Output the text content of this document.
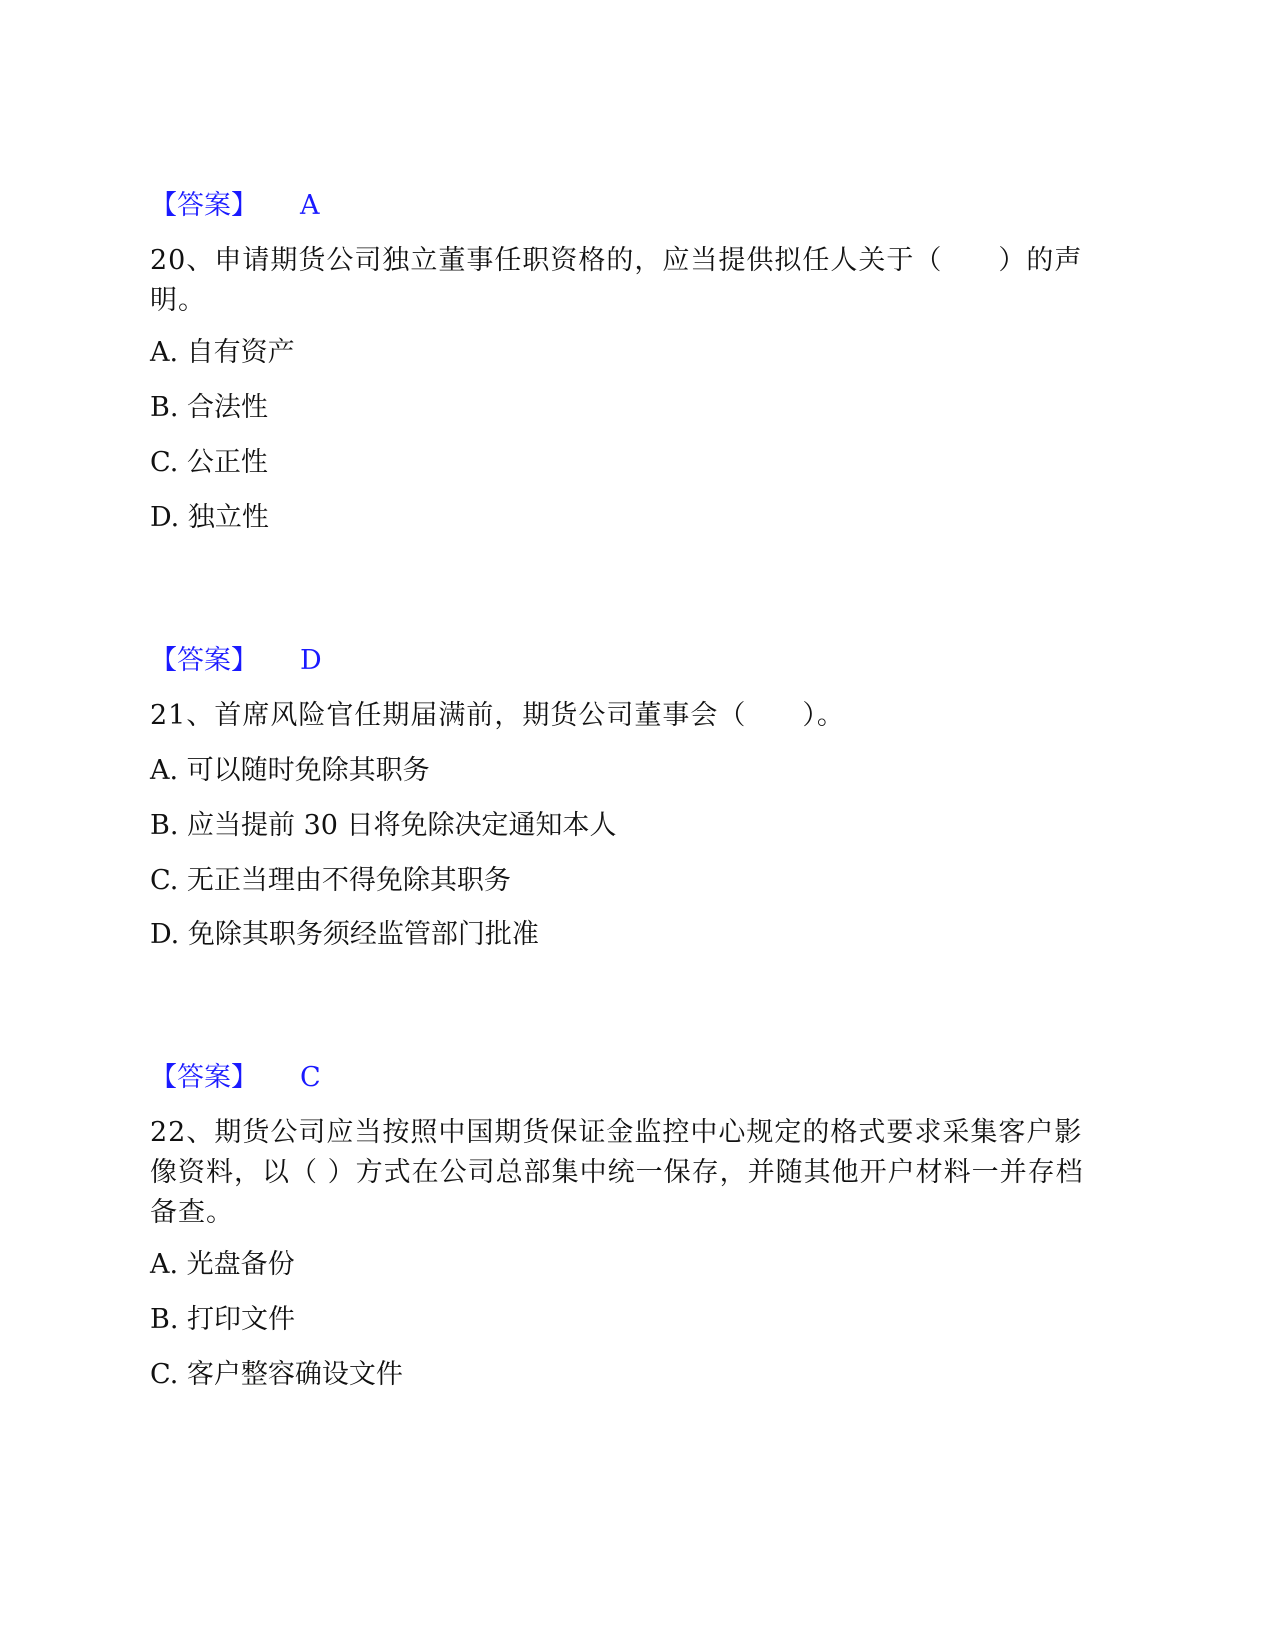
【答案】 A
20、申请期货公司独立董事任职资格的，应当提供拟任人关于（　　）的声明。
A. 自有资产
B. 合法性
C. 公正性
D. 独立性
【答案】 D
21、首席风险官任期届满前，期货公司董事会（　　）。
A. 可以随时免除其职务
B. 应当提前 30 日将免除决定通知本人
C. 无正当理由不得免除其职务
D. 免除其职务须经监管部门批准
【答案】 C
22、期货公司应当按照中国期货保证金监控中心规定的格式要求采集客户影像资料，以（ ）方式在公司总部集中统一保存，并随其他开户材料一并存档备查。
A. 光盘备份
B. 打印文件
C. 客户整容确设文件
